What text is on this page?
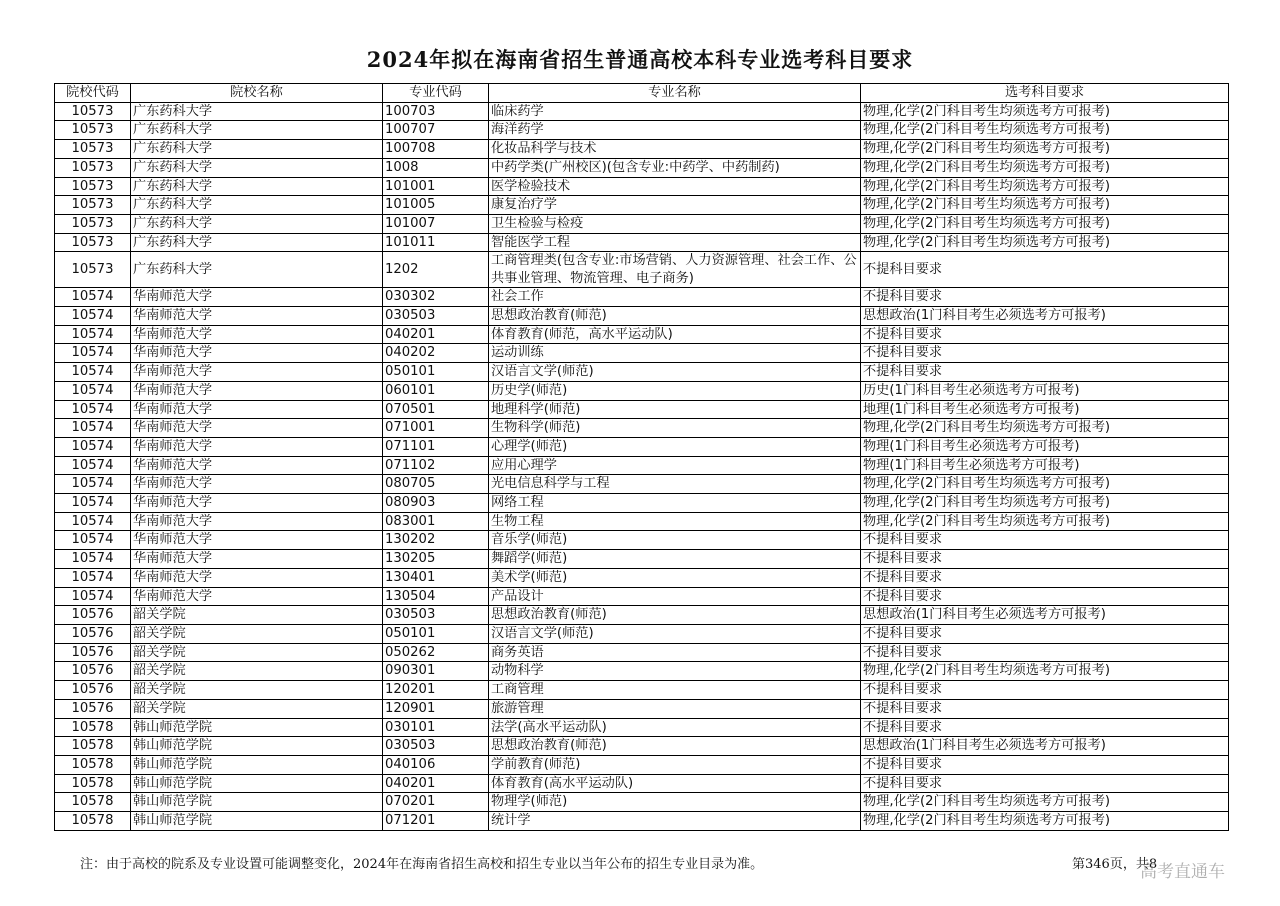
2024年拟在海南省招生普通高校本科专业选考科目要求
院校代码	院校名称	专业代码	专业名称	选考科目要求
10573	广东药科大学	100703	临床药学	物理,化学(2门科目考生均须选考方可报考)
10573	广东药科大学	100707	海洋药学	物理,化学(2门科目考生均须选考方可报考)
10573	广东药科大学	100708	化妆品科学与技术	物理,化学(2门科目考生均须选考方可报考)
10573	广东药科大学	1008	中药学类(广州校区)(包含专业:中药学、中药制药)	物理,化学(2门科目考生均须选考方可报考)
10573	广东药科大学	101001	医学检验技术	物理,化学(2门科目考生均须选考方可报考)
10573	广东药科大学	101005	康复治疗学	物理,化学(2门科目考生均须选考方可报考)
10573	广东药科大学	101007	卫生检验与检疫	物理,化学(2门科目考生均须选考方可报考)
10573	广东药科大学	101011	智能医学工程	物理,化学(2门科目考生均须选考方可报考)
10573	广东药科大学	1202	工商管理类(包含专业:市场营销、人力资源管理、社会工作、公共事业管理、物流管理、电子商务)	不提科目要求
10574	华南师范大学	030302	社会工作	不提科目要求
10574	华南师范大学	030503	思想政治教育(师范)	思想政治(1门科目考生必须选考方可报考)
10574	华南师范大学	040201	体育教育(师范，高水平运动队)	不提科目要求
10574	华南师范大学	040202	运动训练	不提科目要求
10574	华南师范大学	050101	汉语言文学(师范)	不提科目要求
10574	华南师范大学	060101	历史学(师范)	历史(1门科目考生必须选考方可报考)
10574	华南师范大学	070501	地理科学(师范)	地理(1门科目考生必须选考方可报考)
10574	华南师范大学	071001	生物科学(师范)	物理,化学(2门科目考生均须选考方可报考)
10574	华南师范大学	071101	心理学(师范)	物理(1门科目考生必须选考方可报考)
10574	华南师范大学	071102	应用心理学	物理(1门科目考生必须选考方可报考)
10574	华南师范大学	080705	光电信息科学与工程	物理,化学(2门科目考生均须选考方可报考)
10574	华南师范大学	080903	网络工程	物理,化学(2门科目考生均须选考方可报考)
10574	华南师范大学	083001	生物工程	物理,化学(2门科目考生均须选考方可报考)
10574	华南师范大学	130202	音乐学(师范)	不提科目要求
10574	华南师范大学	130205	舞蹈学(师范)	不提科目要求
10574	华南师范大学	130401	美术学(师范)	不提科目要求
10574	华南师范大学	130504	产品设计	不提科目要求
10576	韶关学院	030503	思想政治教育(师范)	思想政治(1门科目考生必须选考方可报考)
10576	韶关学院	050101	汉语言文学(师范)	不提科目要求
10576	韶关学院	050262	商务英语	不提科目要求
10576	韶关学院	090301	动物科学	物理,化学(2门科目考生均须选考方可报考)
10576	韶关学院	120201	工商管理	不提科目要求
10576	韶关学院	120901	旅游管理	不提科目要求
10578	韩山师范学院	030101	法学(高水平运动队)	不提科目要求
10578	韩山师范学院	030503	思想政治教育(师范)	思想政治(1门科目考生必须选考方可报考)
10578	韩山师范学院	040106	学前教育(师范)	不提科目要求
10578	韩山师范学院	040201	体育教育(高水平运动队)	不提科目要求
10578	韩山师范学院	070201	物理学(师范)	物理,化学(2门科目考生均须选考方可报考)
10578	韩山师范学院	071201	统计学	物理,化学(2门科目考生均须选考方可报考)
注：由于高校的院系及专业设置可能调整变化，2024年在海南省招生高校和招生专业以当年公布的招生专业目录为准。	第346页，共8
高考直通车
